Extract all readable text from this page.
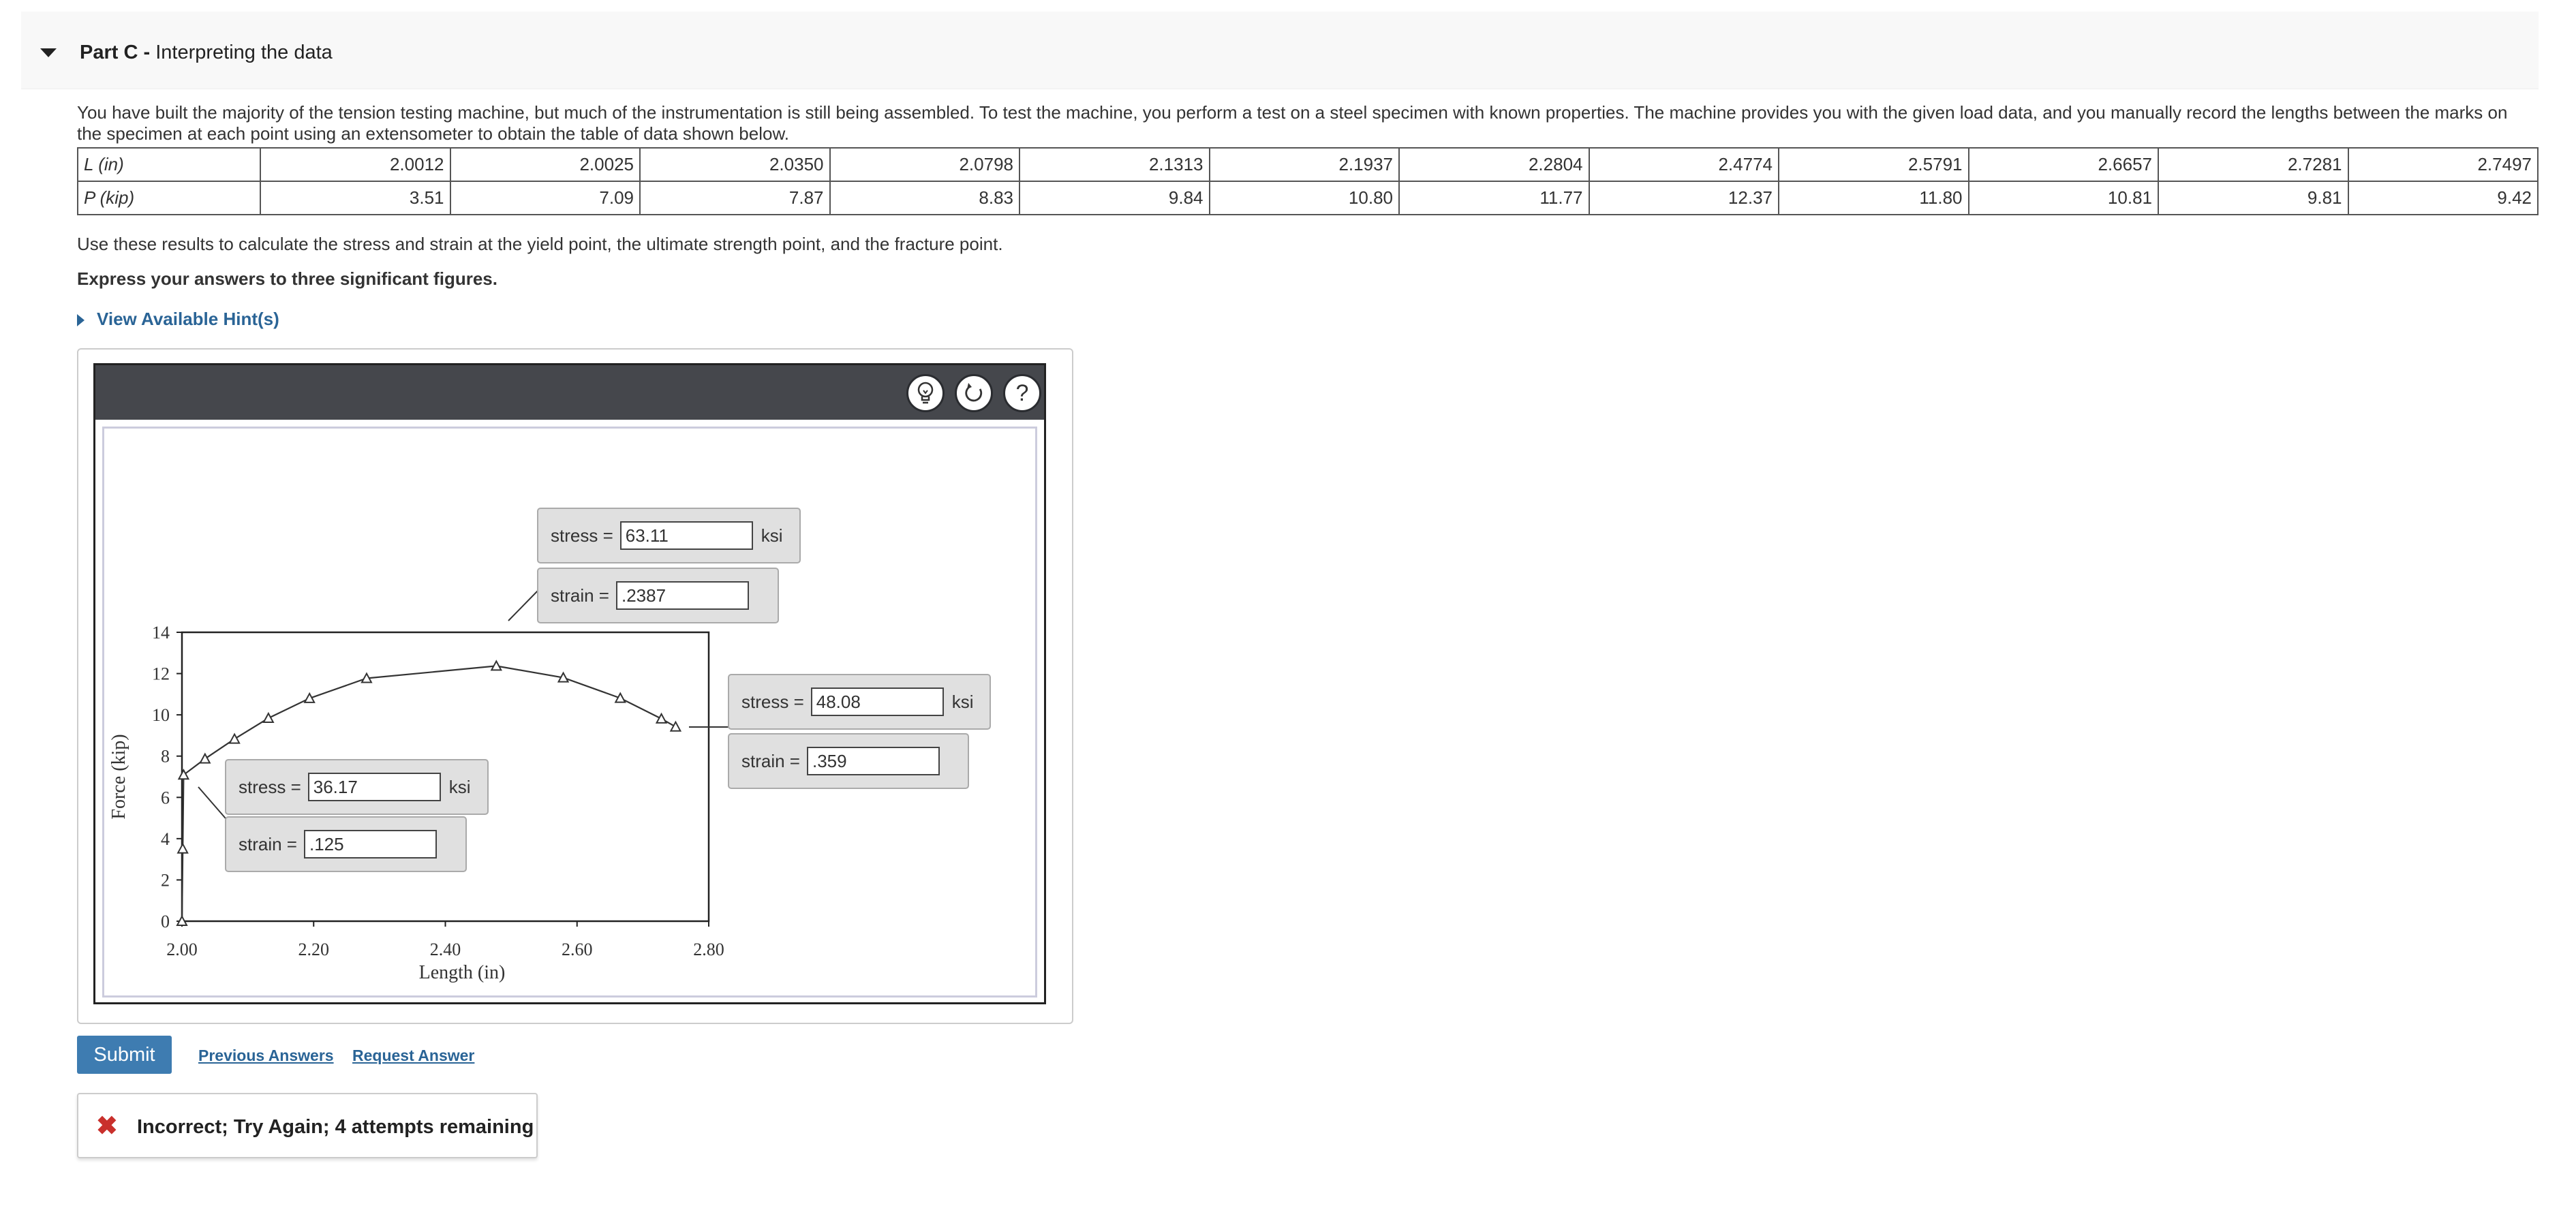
Part C - Interpreting the data
You have built the majority of the tension testing machine, but much of the instrumentation is still being assembled. To test the machine, you perform a test on a steel specimen with known properties. The machine provides you with the given load data, and you manually record the lengths between the marks on the specimen at each point using an extensometer to obtain the table of data shown below.
L (in)	2.0012	2.0025	2.0350	2.0798	2.1313	2.1937	2.2804	2.4774	2.5791	2.6657	2.7281	2.7497
P (kip)	3.51	7.09	7.87	8.83	9.84	10.80	11.77	12.37	11.80	10.81	9.81	9.42
Use these results to calculate the stress and strain at the yield point, the ultimate strength point, and the fracture point.
Express your answers to three significant figures.
View Available Hint(s)
?
0
2
4
6
8
10
12
14
2.00	2.20	2.40	2.60	2.80
Length (in)
Force (kip)
stress =
63.11	ksi
strain =
.2387
stress =
48.08	ksi
strain =
.359
stress =
36.17	ksi
strain =
.125
Submit	Previous Answers Request Answer
✖ Incorrect; Try Again; 4 attempts remaining
